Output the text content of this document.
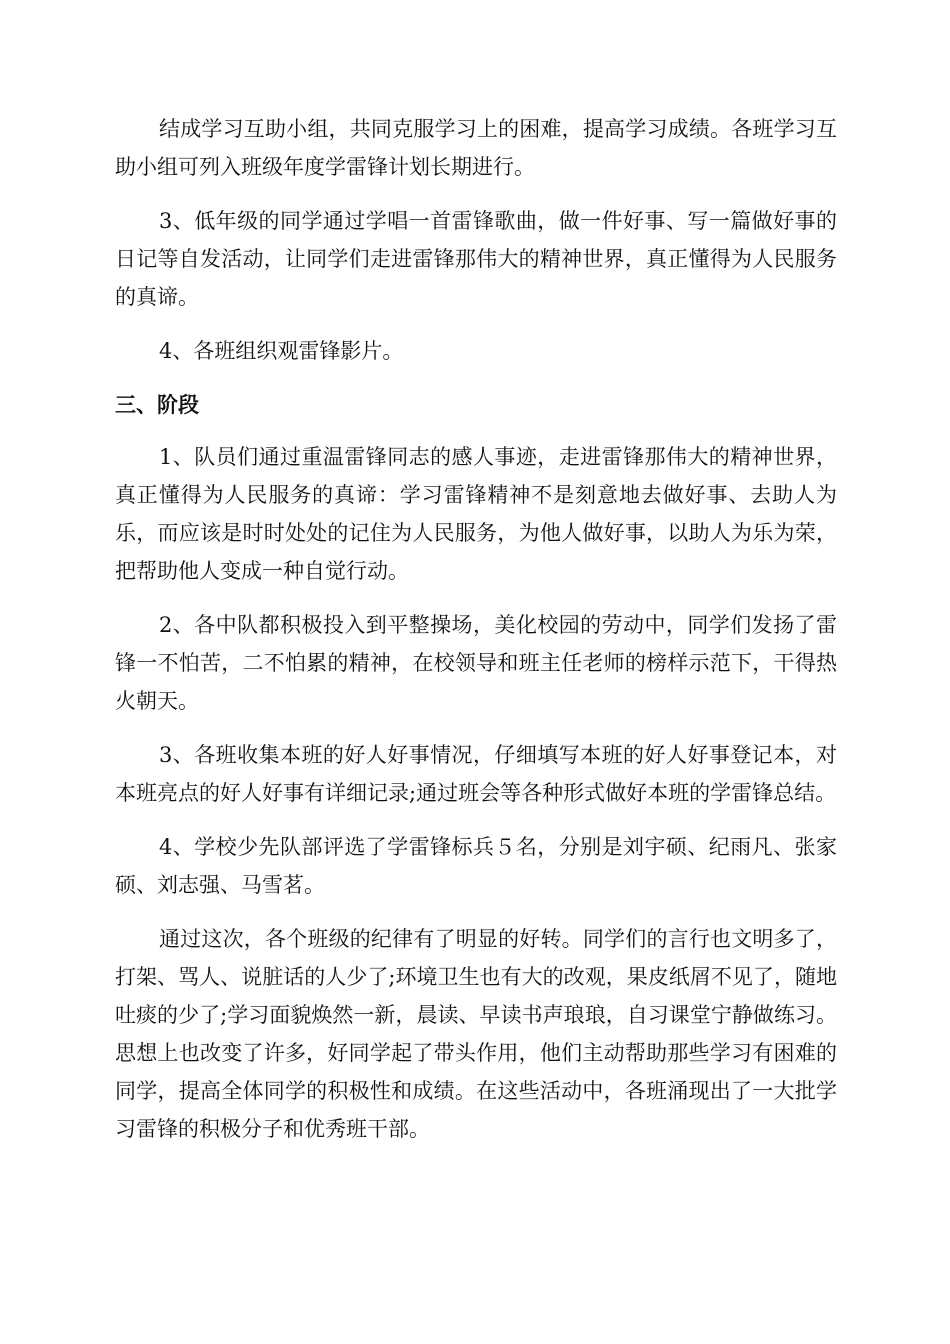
结成学习互助小组，共同克服学习上的困难，提高学习成绩。各班学习互助小组可列入班级年度学雷锋计划长期进行。

3、低年级的同学通过学唱一首雷锋歌曲，做一件好事、写一篇做好事的日记等自发活动，让同学们走进雷锋那伟大的精神世界，真正懂得为人民服务的真谛。

4、各班组织观雷锋影片。

三、阶段

1、队员们通过重温雷锋同志的感人事迹，走进雷锋那伟大的精神世界，真正懂得为人民服务的真谛：学习雷锋精神不是刻意地去做好事、去助人为乐，而应该是时时处处的记住为人民服务，为他人做好事，以助人为乐为荣，把帮助他人变成一种自觉行动。

2、各中队都积极投入到平整操场，美化校园的劳动中，同学们发扬了雷锋一不怕苦，二不怕累的精神，在校领导和班主任老师的榜样示范下，干得热火朝天。

3、各班收集本班的好人好事情况，仔细填写本班的好人好事登记本，对本班亮点的好人好事有详细记录;通过班会等各种形式做好本班的学雷锋总结。

4、学校少先队部评选了学雷锋标兵５名，分别是刘宇硕、纪雨凡、张家硕、刘志强、马雪茗。

通过这次，各个班级的纪律有了明显的好转。同学们的言行也文明多了，打架、骂人、说脏话的人少了;环境卫生也有大的改观，果皮纸屑不见了，随地吐痰的少了;学习面貌焕然一新，晨读、早读书声琅琅，自习课堂宁静做练习。思想上也改变了许多，好同学起了带头作用，他们主动帮助那些学习有困难的同学，提高全体同学的积极性和成绩。在这些活动中，各班涌现出了一大批学习雷锋的积极分子和优秀班干部。
